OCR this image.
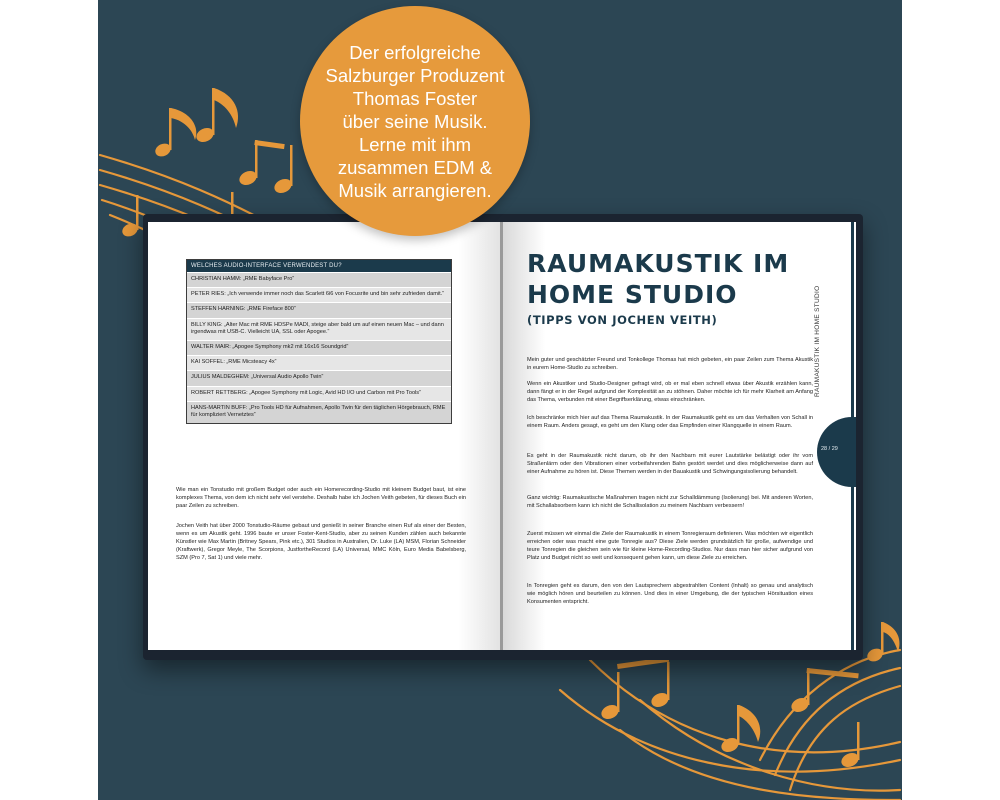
WELCHES AUDIO-INTERFACE VERWENDEST DU?
CHRISTIAN HAMM: „RME Babyface Pro“
PETER RIES: „Ich verwende immer noch das Scarlett 6i6 von Focusrite und bin sehr zufrieden damit.“
STEFFEN HARNING: „RME Fireface 800“
BILLY KING: „Alter Mac mit RME HDSPe MADI, steige aber bald um auf einen neuen Mac – und dann irgendwas mit USB-C. Vielleicht UA, SSL oder Apogee.“
WALTER MAIR: „Apogee Symphony mk2 mit 16x16 Soundgrid“
KAI SOFFEL: „RME Micsteacy 4x“
JULIUS MALDEGHEM: „Universal Audio Apollo Twin“
ROBERT RETTBERG: „Apogee Symphony mit Logic, Avid HD I/O und Carbon mit Pro Tools“
HANS-MARTIN BUFF: „Pro Tools HD für Aufnahmen, Apollo Twin für den täglichen Hörgebrauch, RME für kompliziert Vernetztes“
Wie man ein Tonstudio mit großem Budget oder auch ein Homerecording-Studio mit kleinem Budget baut, ist eine komplexes Thema, von dem ich nicht sehr viel verstehe. Deshalb habe ich Jochen Veith gebeten, für dieses Buch ein paar Zeilen zu schreiben.
Jochen Veith hat über 2000 Tonstudio-Räume gebaut und genießt in seiner Branche einen Ruf als einer der Besten, wenn es um Akustik geht. 1996 baute er unser Foster-Kent-Studio, aber zu seinen Kunden zählen auch bekannte Künstler wie Max Martin (Britney Spears, Pink etc.), 301 Studios in Australien, Dr. Luke (LA) MSM, Florian Schneider (Kraftwerk), Gregor Meyle, The Scorpions, JustfortheRecord (LA) Universal, MMC Köln, Euro Media Babelsberg, SZM (Pro 7, Sat 1) und viele mehr.
RAUMAKUSTIK IM
HOME STUDIO
(TIPPS VON JOCHEN VEITH)
Mein guter und geschätzter Freund und Tonkollege Thomas hat mich gebeten, ein paar Zeilen zum Thema Akustik in eurem Home-Studio zu schreiben.
Wenn ein Akustiker und Studio-Designer gefragt wird, ob er mal eben schnell etwas über Akustik erzählen kann, dann fängt er in der Regel aufgrund der Komplexität an zu stöhnen. Daher möchte ich für mehr Klarheit am Anfang das Thema, verbunden mit einer Begriffserklärung, etwas einschränken.
Ich beschränke mich hier auf das Thema Raumakustik. In der Raumakustik geht es um das Verhalten von Schall in einem Raum. Anders gesagt, es geht um den Klang oder das Empfinden einer Klangquelle in einem Raum.
Es geht in der Raumakustik nicht darum, ob ihr den Nachbarn mit eurer Lautstärke belästigt oder ihr vom Straßenlärm oder den Vibrationen einer vorbeifahrenden Bahn gestört werdet und dies möglicherweise dann auf einer Aufnahme zu hören ist. Diese Themen werden in der Bauakustik und Schwingungsisolierung behandelt.
Ganz wichtig: Raumakustische Maßnahmen tragen nicht zur Schalldämmung (Isolierung) bei. Mit anderen Worten, mit Schallabsorbern kann ich nicht die Schallisolation zu meinem Nachbarn verbessern!
Zuerst müssen wir einmal die Ziele der Raumakustik in einem Tonregieraum definieren. Was möchten wir eigentlich erreichen oder was macht eine gute Tonregie aus? Diese Ziele werden grundsätzlich für große, aufwendige und teure Tonregien die gleichen sein wie für kleine Home-Recording-Studios. Nur dass man hier sicher aufgrund von Platz und Budget nicht so weit und konsequent gehen kann, um diese Ziele zu erreichen.
In Tonregien geht es darum, den von den Lautsprechern abgestrahlten Content (Inhalt) so genau und analytisch wie möglich hören und beurteilen zu können. Und dies in einer Umgebung, die der typischen Hörsituation eines Konsumenten entspricht.
RAUMAKUSTIK IM HOME STUDIO
28 / 29
Der erfolgreiche
Salzburger Produzent
Thomas Foster
über seine Musik.
Lerne mit ihm
zusammen EDM &
Musik arrangieren.
